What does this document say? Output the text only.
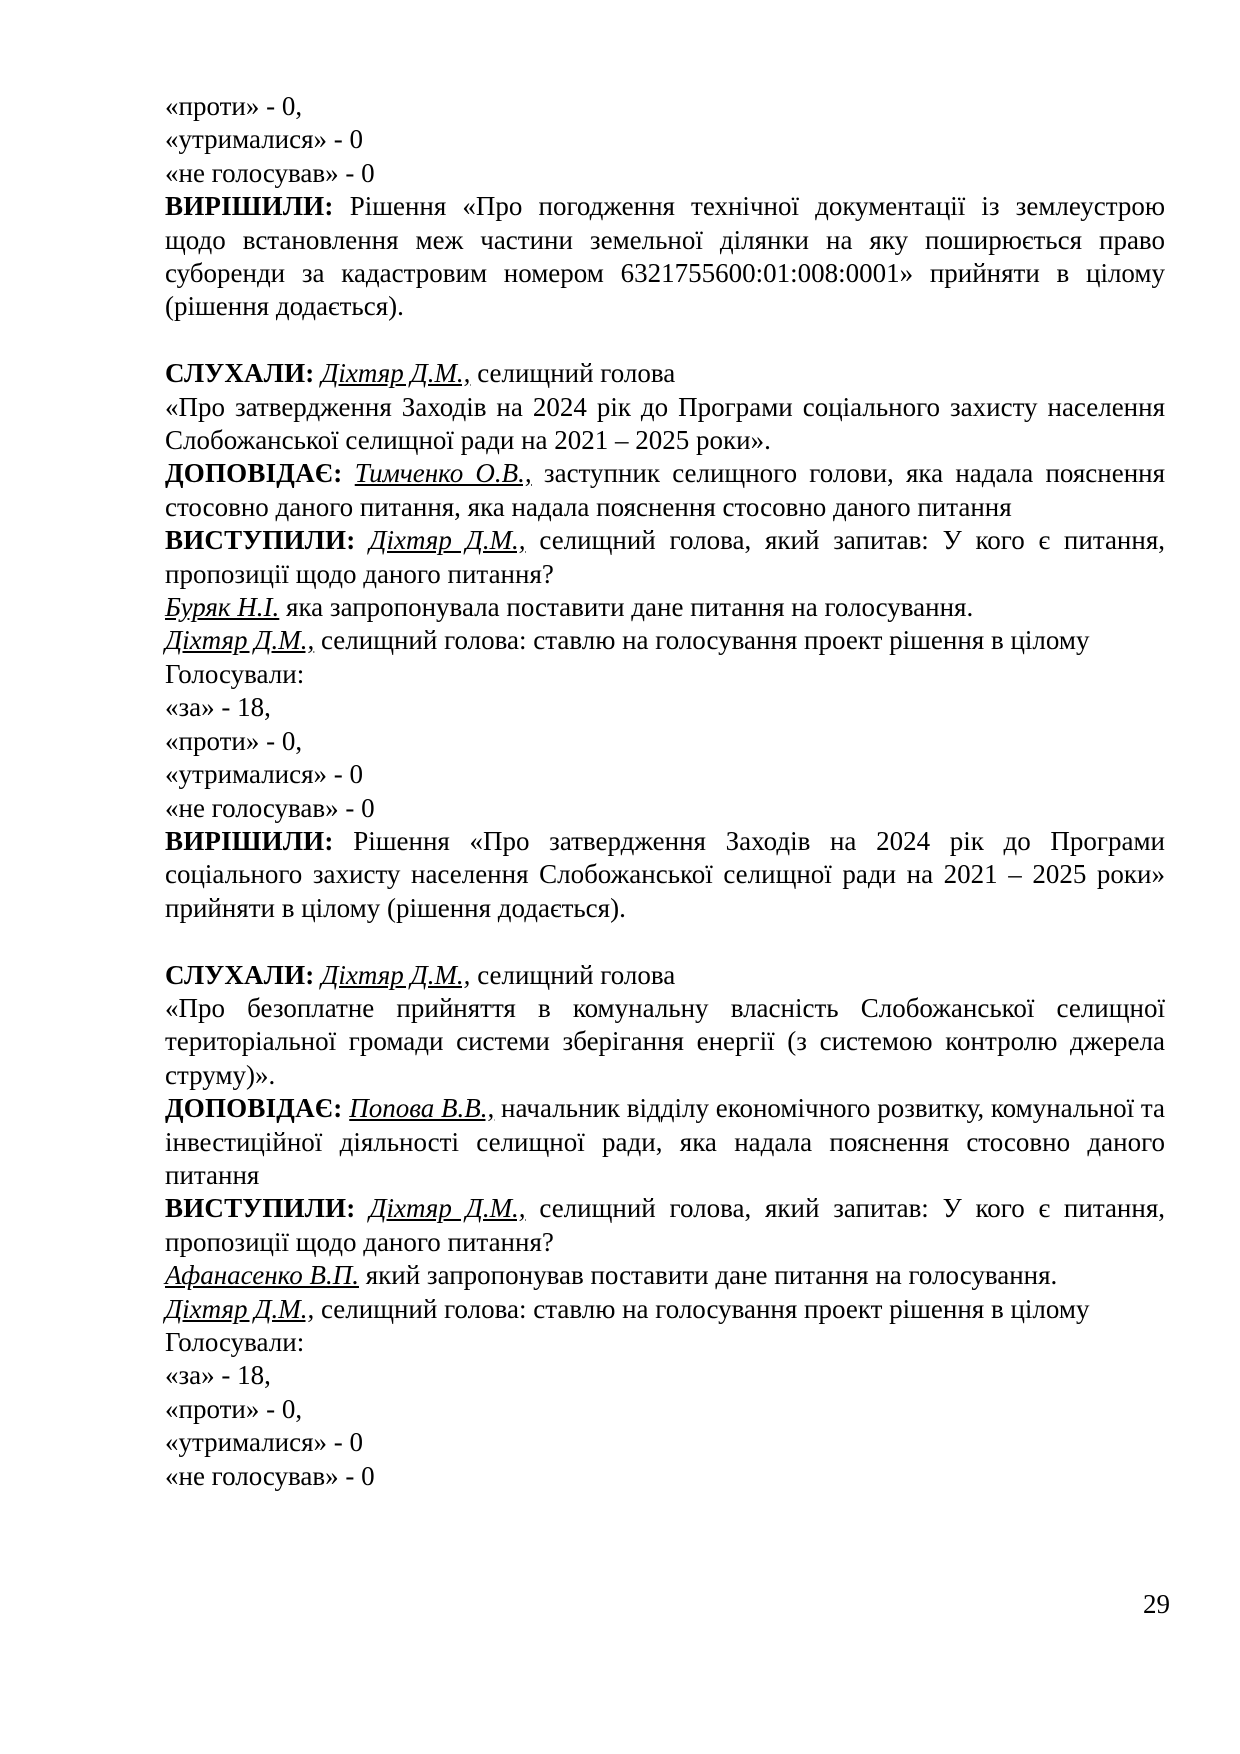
«проти» - 0,
«утрималися» - 0
«не голосував» - 0
ВИРІШИЛИ: Рішення «Про погодження технічної документації із землеустрою щодо встановлення меж частини земельної ділянки на яку поширюється право суборенди за кадастровим номером 6321755600:01:008:0001» прийняти в цілому (рішення додається).
СЛУХАЛИ: Діхтяр Д.М., селищний голова
«Про затвердження Заходів на 2024 рік до Програми соціального захисту населення Слобожанської селищної ради на 2021 – 2025 роки».
ДОПОВІДАЄ: Тимченко О.В., заступник селищного голови, яка надала пояснення стосовно даного питання, яка надала пояснення стосовно даного питання
ВИСТУПИЛИ: Діхтяр Д.М., селищний голова, який запитав: У кого є питання, пропозиції щодо даного питання?
Буряк Н.І. яка запропонувала поставити дане питання на голосування.
Діхтяр Д.М., селищний голова: ставлю на голосування проект рішення в цілому
Голосували:
«за» - 18,
«проти» - 0,
«утрималися» - 0
«не голосував» - 0
ВИРІШИЛИ: Рішення «Про затвердження Заходів на 2024 рік до Програми соціального захисту населення Слобожанської селищної ради на 2021 – 2025 роки» прийняти в цілому (рішення додається).
СЛУХАЛИ: Діхтяр Д.М., селищний голова
«Про безоплатне прийняття в комунальну власність Слобожанської селищної територіальної громади системи зберігання енергії (з системою контролю джерела струму)».
ДОПОВІДАЄ: Попова В.В., начальник відділу економічного розвитку, комунальної та інвестиційної діяльності селищної ради, яка надала пояснення стосовно даного питання
ВИСТУПИЛИ: Діхтяр Д.М., селищний голова, який запитав: У кого є питання, пропозиції щодо даного питання?
Афанасенко В.П. який запропонував поставити дане питання на голосування.
Діхтяр Д.М., селищний голова: ставлю на голосування проект рішення в цілому
Голосували:
«за» - 18,
«проти» - 0,
«утрималися» - 0
«не голосував» - 0
29
